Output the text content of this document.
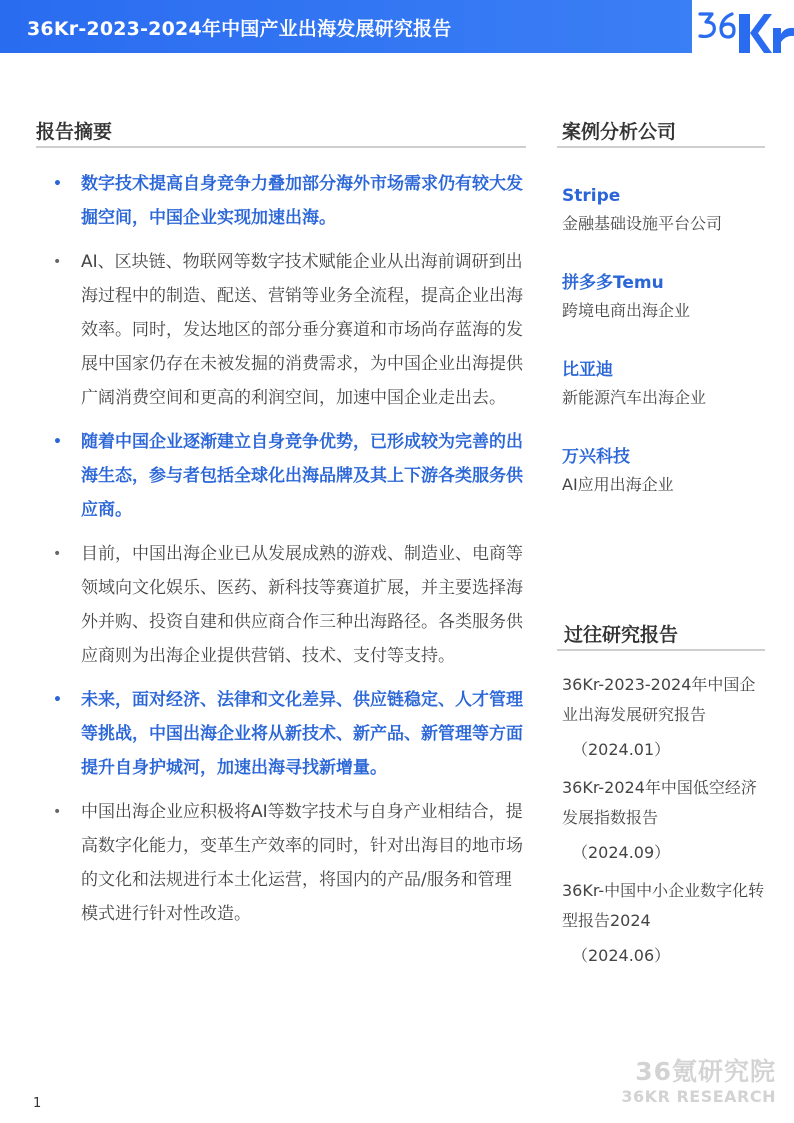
36Kr-2023-2024年中国产业出海发展研究报告
报告摘要
• 数字技术提高自身竞争力叠加部分海外市场需求仍有较大发掘空间，中国企业实现加速出海。
• AI、区块链、物联网等数字技术赋能企业从出海前调研到出海过程中的制造、配送、营销等业务全流程，提高企业出海效率。同时，发达地区的部分垂分赛道和市场尚存蓝海的发展中国家仍存在未被发掘的消费需求，为中国企业出海提供广阔消费空间和更高的利润空间，加速中国企业走出去。
• 随着中国企业逐渐建立自身竞争优势，已形成较为完善的出海生态，参与者包括全球化出海品牌及其上下游各类服务供应商。
• 目前，中国出海企业已从发展成熟的游戏、制造业、电商等领域向文化娱乐、医药、新科技等赛道扩展，并主要选择海外并购、投资自建和供应商合作三种出海路径。各类服务供应商则为出海企业提供营销、技术、支付等支持。
• 未来，面对经济、法律和文化差异、供应链稳定、人才管理等挑战，中国出海企业将从新技术、新产品、新管理等方面提升自身护城河，加速出海寻找新增量。
• 中国出海企业应积极将AI等数字技术与自身产业相结合，提高数字化能力，变革生产效率的同时，针对出海目的地市场的文化和法规进行本土化运营，将国内的产品/服务和管理模式进行针对性改造。
案例分析公司
Stripe
金融基础设施平台公司
拼多多Temu
跨境电商出海企业
比亚迪
新能源汽车出海企业
万兴科技
AI应用出海企业
过往研究报告
36Kr-2023-2024年中国企业出海发展研究报告
（2024.01）
36Kr-2024年中国低空经济发展指数报告
（2024.09）
36Kr-中国中小企业数字化转型报告2024
（2024.06）
36氪研究院
36KR RESEARCH
1
